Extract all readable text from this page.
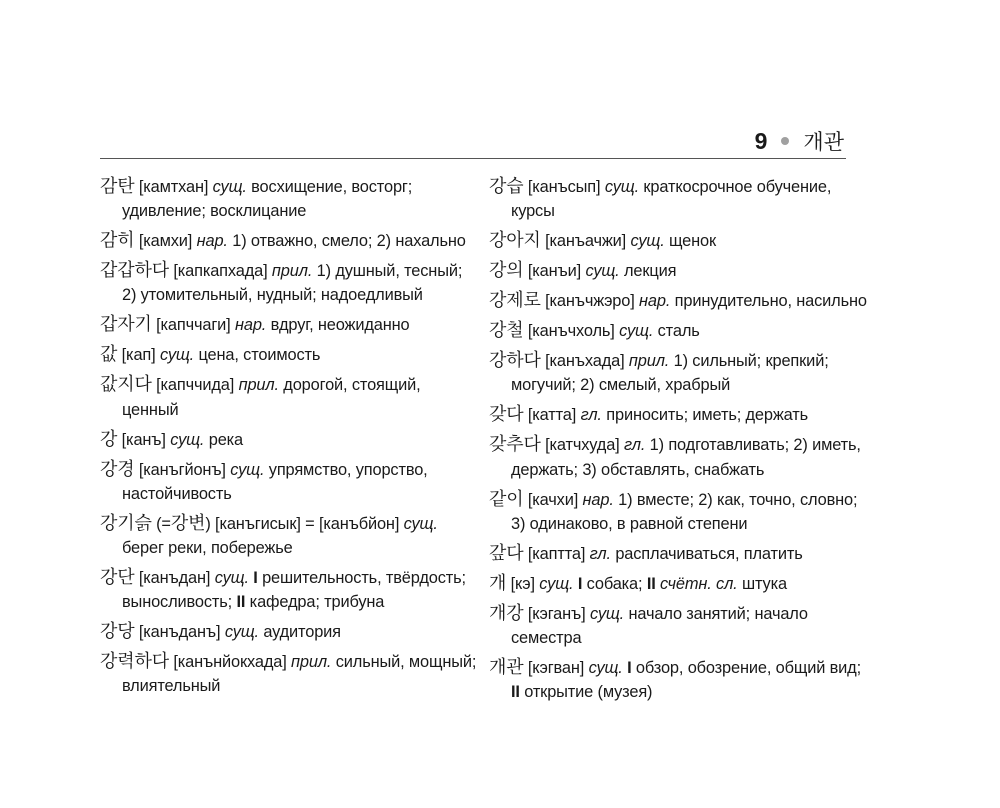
9 개관
감탄 [камтхан] сущ. восхищение, восторг; удивление; восклицание
감히 [камхи] нар. 1) отважно, смело; 2) нахально
갑갑하다 [капкапхада] прил. 1) душный, тесный; 2) утомительный, нудный; надоедливый
갑자기 [капччаги] нар. вдруг, неожиданно
값 [кап] сущ. цена, стоимость
값지다 [капччида] прил. дорогой, стоящий, ценный
강 [канъ] сущ. река
강경 [канъгйонъ] сущ. упрямство, упорство, настойчивость
강기슭 (=강변) [канъгисык] = [канъбйон] сущ. берег реки, побережье
강단 [канъдан] сущ. I решительность, твёрдость; выносливость; II кафедра; трибуна
강당 [канъданъ] сущ. аудитория
강력하다 [канънйокхада] прил. сильный, мощный; влиятельный
강습 [канъсып] сущ. краткосрочное обучение, курсы
강아지 [канъачжи] сущ. щенок
강의 [канъи] сущ. лекция
강제로 [канъчжэро] нар. принудительно, насильно
강철 [канъчхоль] сущ. сталь
강하다 [канъхада] прил. 1) сильный; крепкий; могучий; 2) смелый, храбрый
갖다 [катта] гл. приносить; иметь; держать
갖추다 [катчхуда] гл. 1) подготавливать; 2) иметь, держать; 3) обставлять, снабжать
같이 [качхи] нар. 1) вместе; 2) как, точно, словно; 3) одинаково, в равной степени
갚다 [каптта] гл. расплачиваться, платить
개 [кэ] сущ. I собака; II счётн. сл. штука
개강 [кэганъ] сущ. начало занятий; начало семестра
개관 [кэгван] сущ. I обзор, обозрение, общий вид; II открытие (музея)
